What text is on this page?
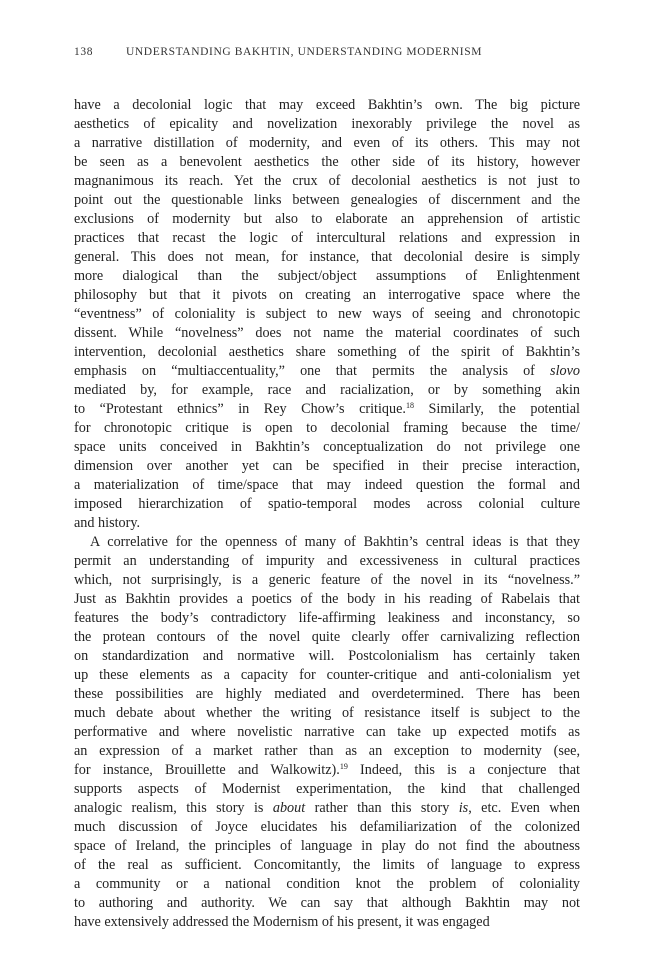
138	UNDERSTANDING BAKHTIN, UNDERSTANDING MODERNISM
have a decolonial logic that may exceed Bakhtin’s own. The big picture
aesthetics of epicality and novelization inexorably privilege the novel as
a narrative distillation of modernity, and even of its others. This may not
be seen as a benevolent aesthetics the other side of its history, however
magnanimous its reach. Yet the crux of decolonial aesthetics is not just to
point out the questionable links between genealogies of discernment and the
exclusions of modernity but also to elaborate an apprehension of artistic
practices that recast the logic of intercultural relations and expression in
general. This does not mean, for instance, that decolonial desire is simply
more dialogical than the subject/object assumptions of Enlightenment
philosophy but that it pivots on creating an interrogative space where the
“eventness” of coloniality is subject to new ways of seeing and chronotopic
dissent. While “novelness” does not name the material coordinates of such
intervention, decolonial aesthetics share something of the spirit of Bakhtin’s
emphasis on “multiaccentuality,” one that permits the analysis of slovo
mediated by, for example, race and racialization, or by something akin
to “Protestant ethnics” in Rey Chow’s critique.$^{18}$ Similarly, the potential
for chronotopic critique is open to decolonial framing because the time/
space units conceived in Bakhtin’s conceptualization do not privilege one
dimension over another yet can be specified in their precise interaction,
a materialization of time/space that may indeed question the formal and
imposed hierarchization of spatio-temporal modes across colonial culture
and history.
A correlative for the openness of many of Bakhtin’s central ideas is that they
permit an understanding of impurity and excessiveness in cultural practices
which, not surprisingly, is a generic feature of the novel in its “novelness.”
Just as Bakhtin provides a poetics of the body in his reading of Rabelais that
features the body’s contradictory life-affirming leakiness and inconstancy, so
the protean contours of the novel quite clearly offer carnivalizing reflection
on standardization and normative will. Postcolonialism has certainly taken
up these elements as a capacity for counter-critique and anti-colonialism yet
these possibilities are highly mediated and overdetermined. There has been
much debate about whether the writing of resistance itself is subject to the
performative and where novelistic narrative can take up expected motifs as
an expression of a market rather than as an exception to modernity (see,
for instance, Brouillette and Walkowitz).$^{19}$ Indeed, this is a conjecture that
supports aspects of Modernist experimentation, the kind that challenged
analogic realism, this story is about rather than this story is, etc. Even when
much discussion of Joyce elucidates his defamiliarization of the colonized
space of Ireland, the principles of language in play do not find the aboutness
of the real as sufficient. Concomitantly, the limits of language to express
a community or a national condition knot the problem of coloniality
to authoring and authority. We can say that although Bakhtin may not
have extensively addressed the Modernism of his present, it was engaged
